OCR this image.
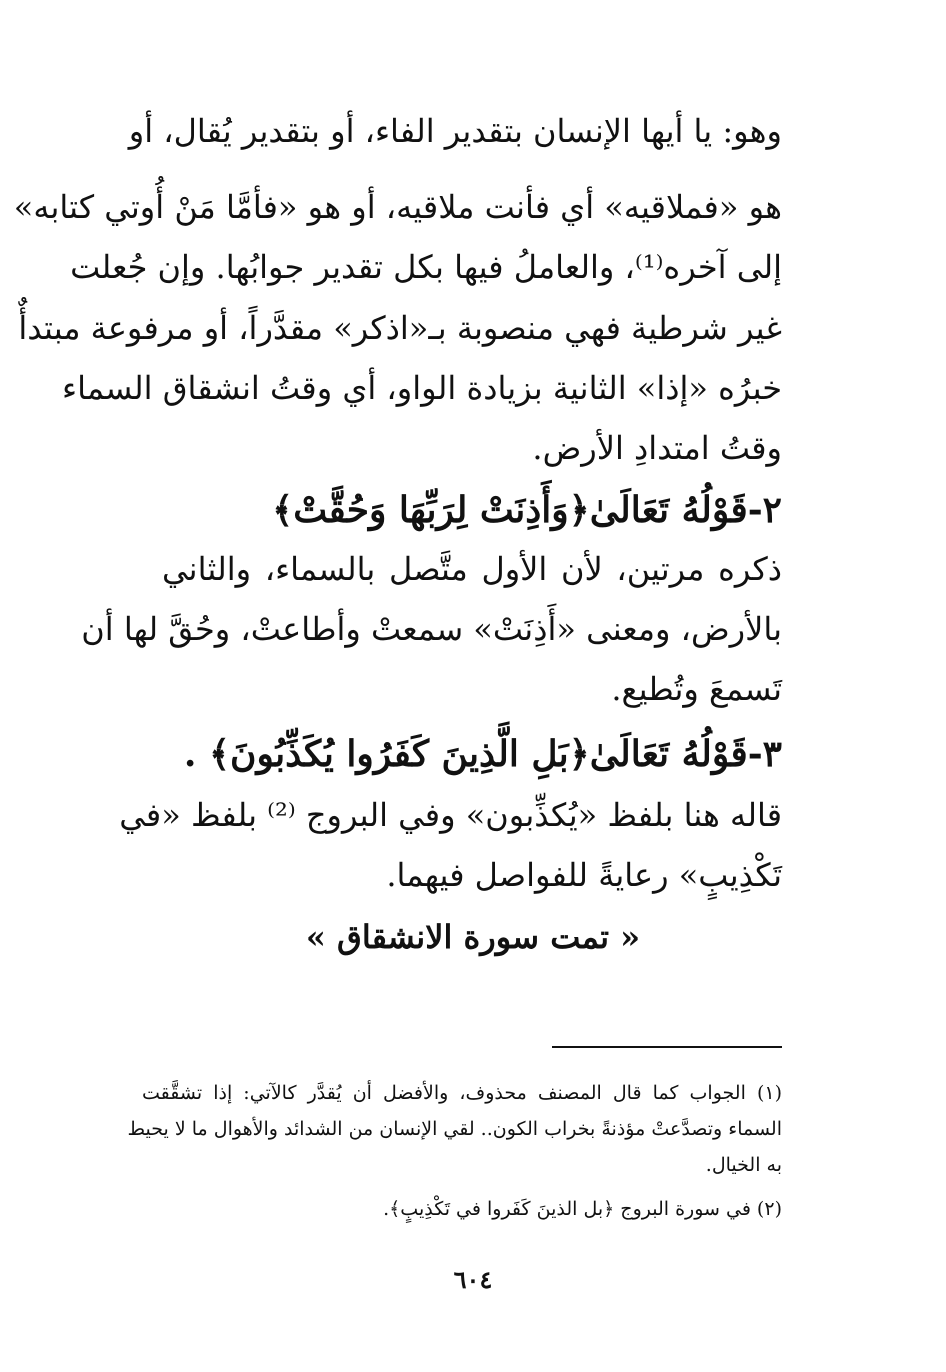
وهو: يا أيها الإنسان بتقدير الفاء، أو بتقدير يُقال، أو
هو «فملاقيه» أي فأنت ملاقيه، أو هو «فأمَّا مَنْ أُوتي كتابه»
إلى آخره⁽¹⁾، والعاملُ فيها بكل تقدير جوابُها. وإن جُعلت
غير شرطية فهي منصوبة بـ«اذكر» مقدَّراً، أو مرفوعة مبتدأٌ
خبرُه «إذا» الثانية بزيادة الواو، أي وقتُ انشقاق السماء
وقتُ امتدادِ الأرض.
٢-قَوْلُهُ تَعَالَىٰ﴿وَأَذِنَتْ لِرَبِّهَا وَحُقَّتْ﴾
ذكره مرتين، لأن الأول متَّصل بالسماء، والثاني
بالأرض، ومعنى «أَذِنَتْ» سمعتْ وأطاعتْ، وحُقَّ لها أن
تَسمعَ وتُطيع.
٣-قَوْلُهُ تَعَالَىٰ﴿بَلِ الَّذِينَ كَفَرُوا يُكَذِّبُونَ﴾ .
قاله هنا بلفظ «يُكذِّبون» وفي البروج ⁽²⁾ بلفظ «في
تَكْذِيبٍ» رعايةً للفواصل فيهما.
« تمت سورة الانشقاق »
(١) الجواب كما قال المصنف محذوف، والأفضل أن يُقدَّر كالآتي: إذا تشقَّقت
السماء وتصدَّعتْ مؤذنةً بخراب الكون.. لقي الإنسان من الشدائد والأهوال ما لا يحيط
به الخيال.
(٢) في سورة البروج ﴿بل الذينَ كَفَروا في تَكْذِيبٍ﴾.
٦٠٤
